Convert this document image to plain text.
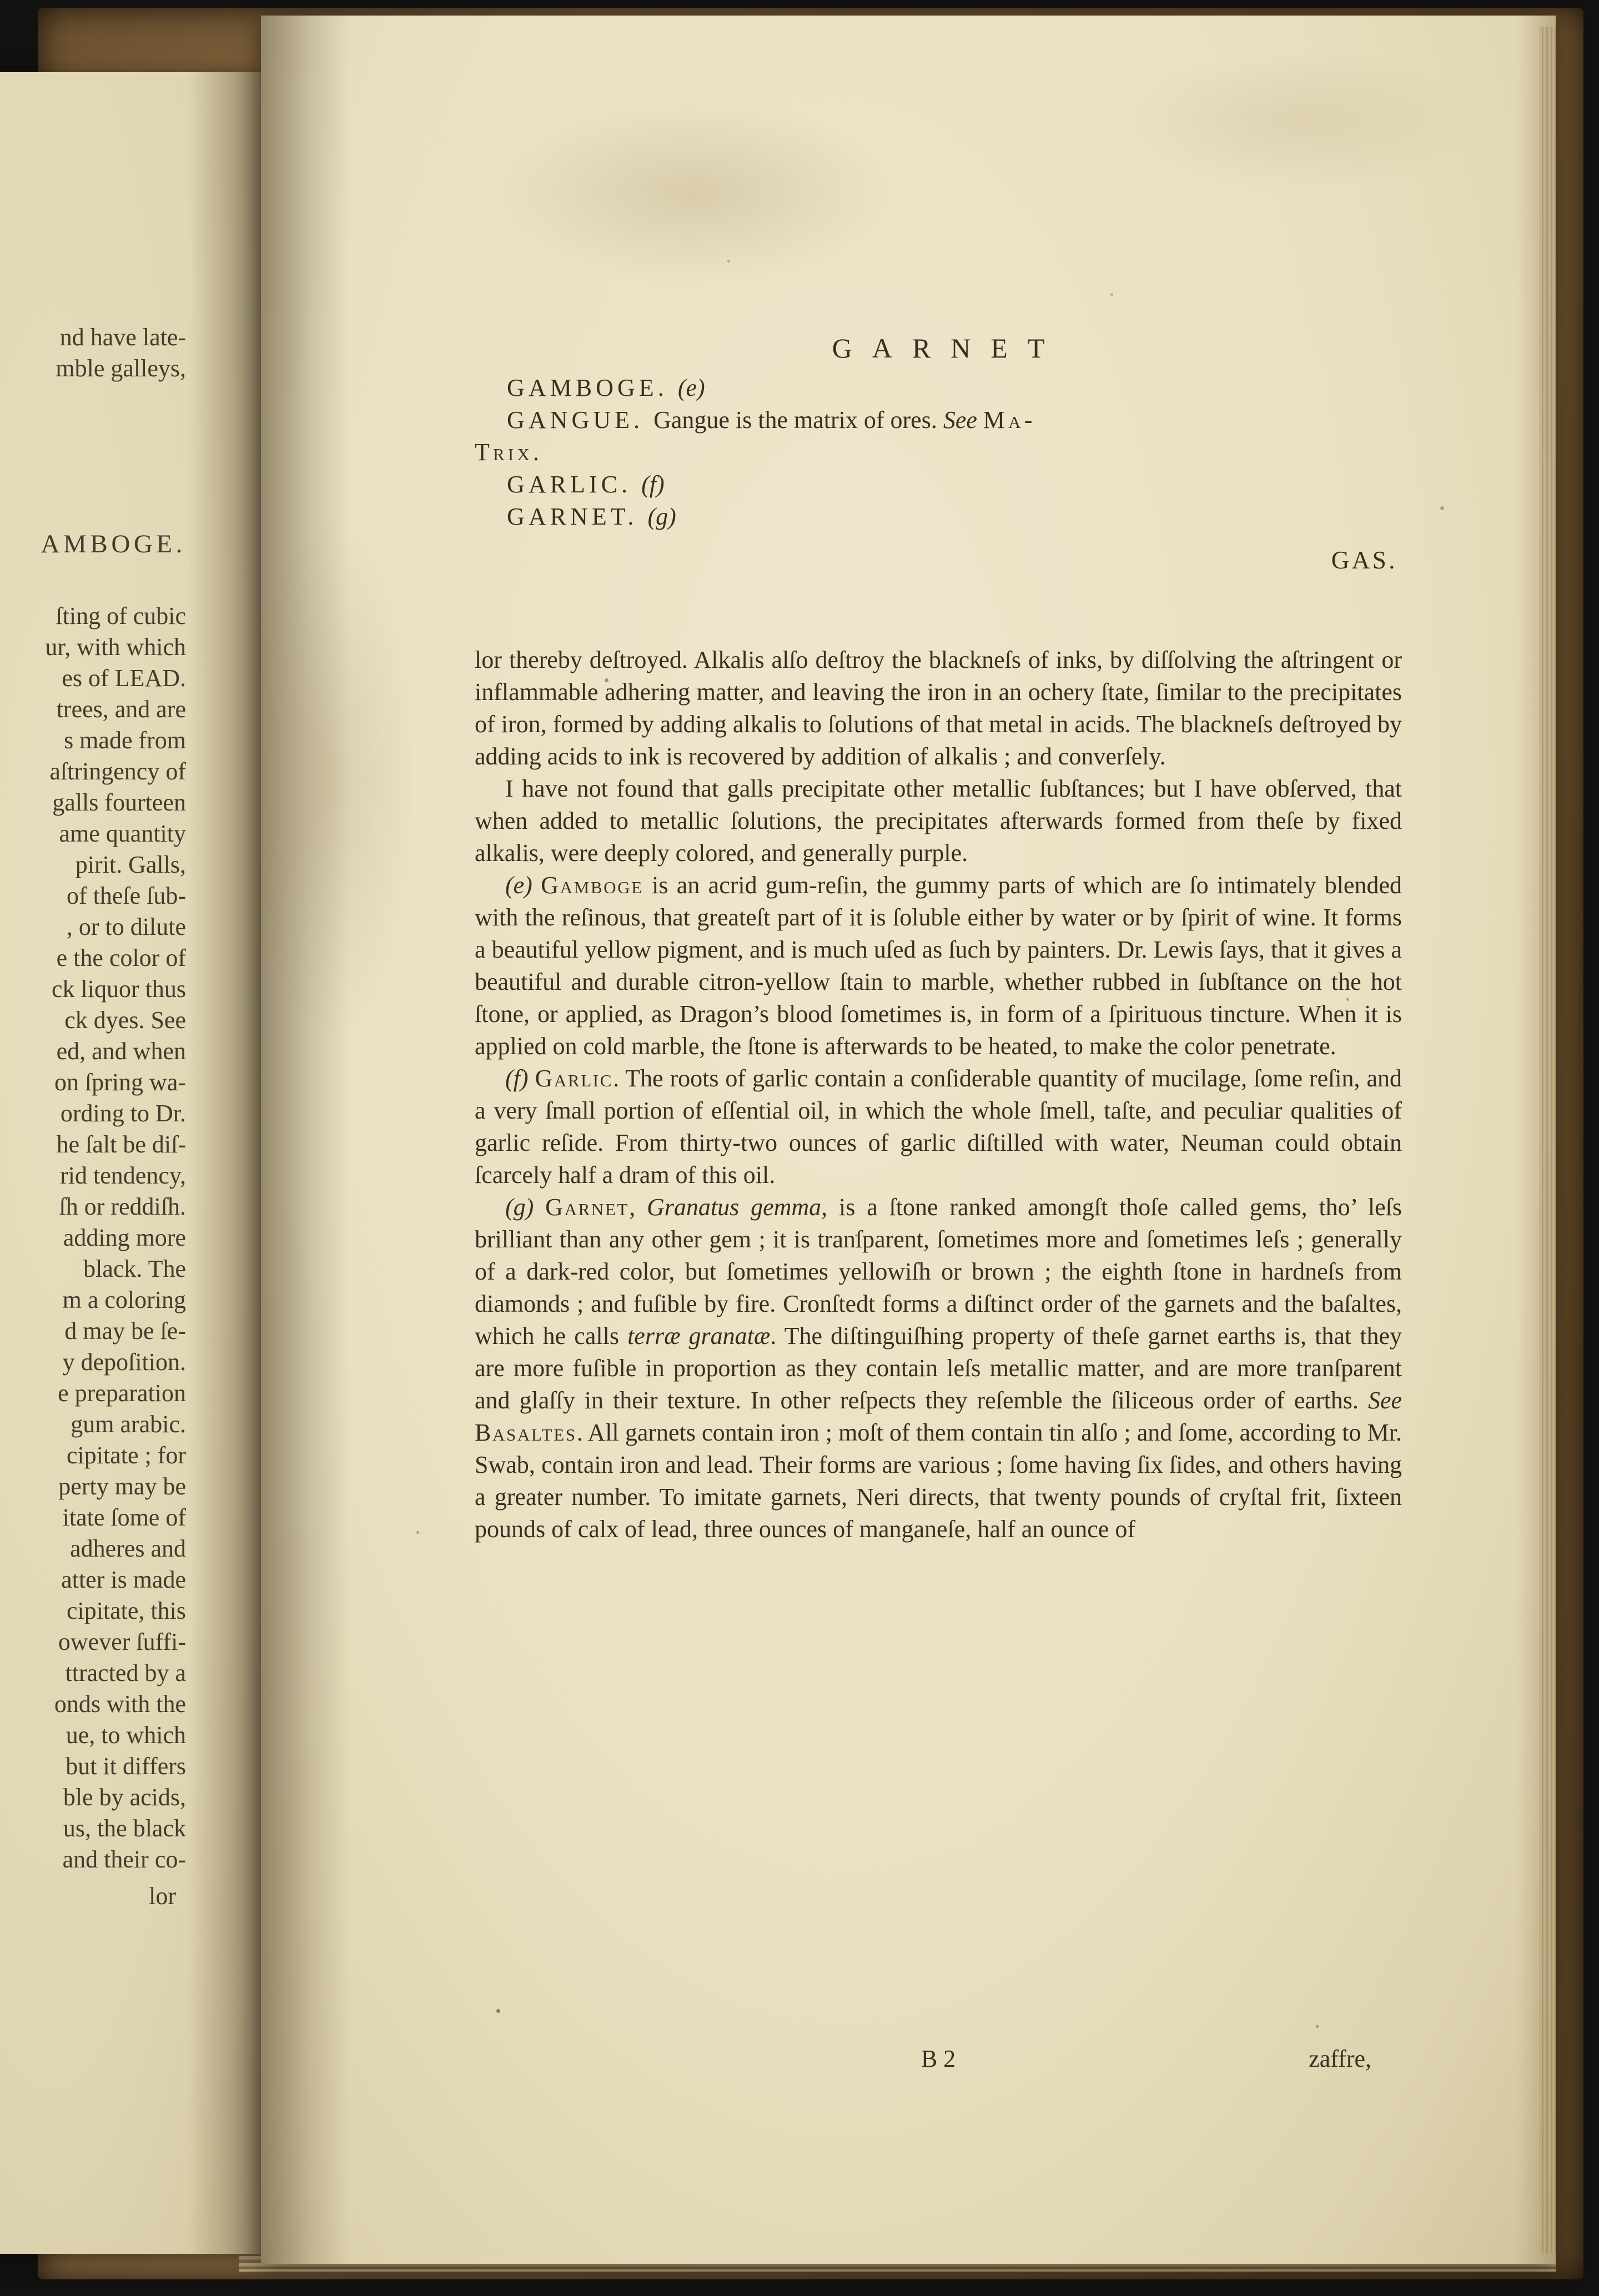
nd have late-
mble galleys,
AMBOGE.
ſting of cubic
ur, with which
es of LEAD.
trees, and are
s made from
aſtringency of
galls fourteen
ame quantity
pirit. Galls,
of theſe ſub-
, or to dilute
e the color of
ck liquor thus
ck dyes. See
ed, and when
on ſpring wa-
ording to Dr.
he ſalt be diſ-
rid tendency,
ſh or reddiſh.
adding more
black. The
m a coloring
d may be ſe-
y depoſition.
e preparation
gum arabic.
cipitate ; for
perty may be
itate ſome of
adheres and
atter is made
cipitate, this
owever ſuffi-
ttracted by a
onds with the
ue, to which
but it differs
ble by acids,
us, the black
and their co-
lor
GARNET

GAMBOGE. (e)

GANGUE. Gangue is the matrix of ores. See Ma-

Trix.

GARLIC. (f)

GARNET. (g)

GAS.

lor thereby deſtroyed. Alkalis alſo deſtroy the blackneſs of inks, by diſſolving the aſtringent or inflammable adhering matter, and leaving the iron in an ochery ſtate, ſimilar to the precipitates of iron, formed by adding alkalis to ſolutions of that metal in acids. The blackneſs deſtroyed by adding acids to ink is recovered by addition of alkalis ; and converſely.

I have not found that galls precipitate other metallic ſubſtances; but I have obſerved, that when added to metallic ſolutions, the precipitates afterwards formed from theſe by fixed alkalis, were deeply colored, and generally purple.

(e) Gamboge is an acrid gum-reſin, the gummy parts of which are ſo intimately blended with the reſinous, that greateſt part of it is ſoluble either by water or by ſpirit of wine. It forms a beautiful yellow pigment, and is much uſed as ſuch by painters. Dr. Lewis ſays, that it gives a beautiful and durable citron-yellow ſtain to marble, whether rubbed in ſubſtance on the hot ſtone, or applied, as Dragon’s blood ſometimes is, in form of a ſpirituous tincture. When it is applied on cold marble, the ſtone is afterwards to be heated, to make the color penetrate.

(f) Garlic. The roots of garlic contain a conſiderable quantity of mucilage, ſome reſin, and a very ſmall portion of eſſential oil, in which the whole ſmell, taſte, and peculiar qualities of garlic reſide. From thirty-two ounces of garlic diſtilled with water, Neuman could obtain ſcarcely half a dram of this oil.

(g) Garnet, Granatus gemma, is a ſtone ranked amongſt thoſe called gems, tho’ leſs brilliant than any other gem ; it is tranſparent, ſometimes more and ſometimes leſs ; generally of a dark-red color, but ſometimes yellowiſh or brown ; the eighth ſtone in hardneſs from diamonds ; and fuſible by fire. Cronſtedt forms a diſtinct order of the garnets and the baſaltes, which he calls terræ granatæ. The diſtinguiſhing property of theſe garnet earths is, that they are more fuſible in proportion as they contain leſs metallic matter, and are more tranſparent and glaſſy in their texture. In other reſpects they reſemble the ſiliceous order of earths. See Basaltes. All garnets contain iron ; moſt of them contain tin alſo ; and ſome, according to Mr. Swab, contain iron and lead. Their forms are various ; ſome having ſix ſides, and others having a greater number. To imitate garnets, Neri directs, that twenty pounds of cryſtal frit, ſixteen pounds of calx of lead, three ounces of manganeſe, half an ounce of

B 2	zaffre,
